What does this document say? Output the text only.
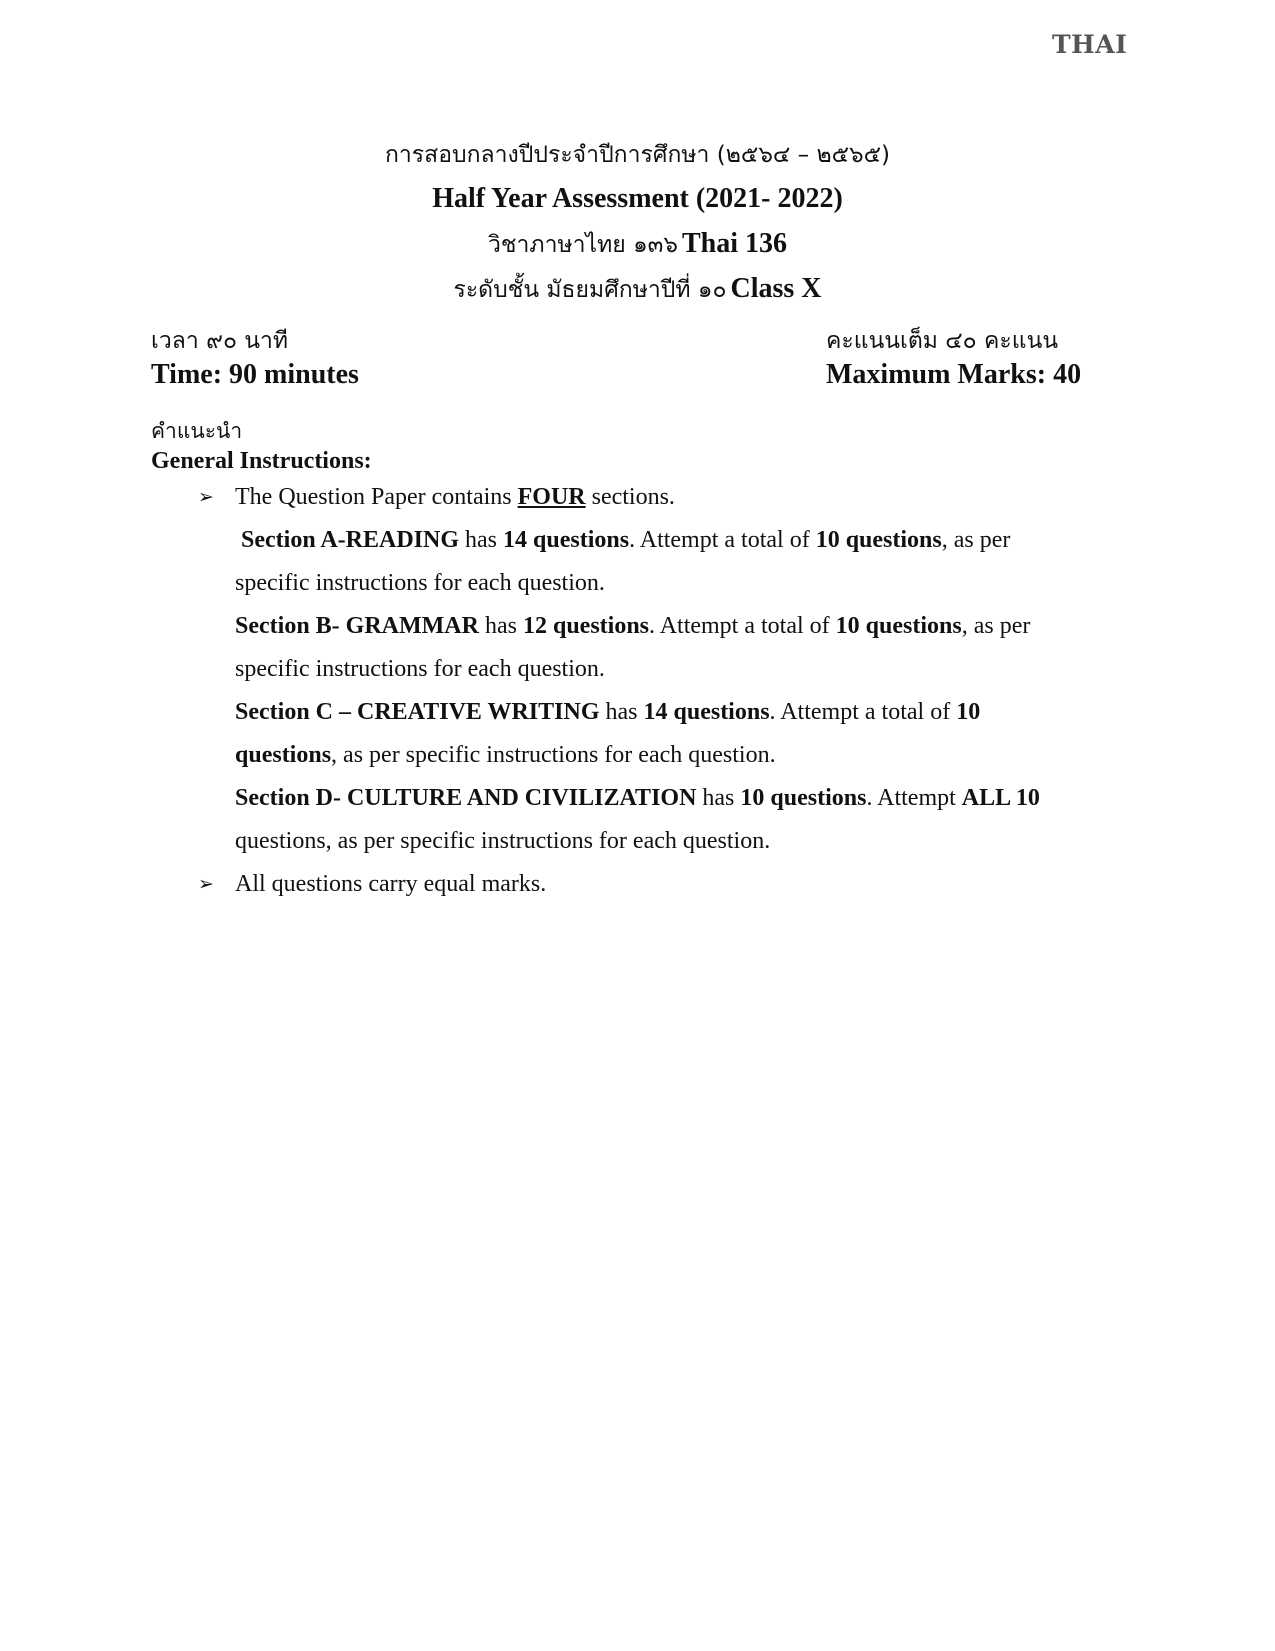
THAI
การสอบกลางปีประจำปีการศึกษา (๒๕๖๔ – ๒๕๖๕)
Half Year Assessment (2021- 2022)
วิชาภาษาไทย ๑๓๖ Thai 136
ระดับชั้น มัธยมศึกษาปีที่ ๑๐ Class X
เวลา ๙๐ นาที
Time: 90 minutes
คะแนนเต็ม ๔๐ คะแนน
Maximum Marks: 40
คำแนะนำ
General Instructions:
➢ The Question Paper contains FOUR sections.
Section A-READING has 14 questions. Attempt a total of 10 questions, as per
specific instructions for each question.
Section B- GRAMMAR has 12 questions. Attempt a total of 10 questions, as per
specific instructions for each question.
Section C – CREATIVE WRITING has 14 questions. Attempt a total of 10
questions, as per specific instructions for each question.
Section D- CULTURE AND CIVILIZATION has 10 questions. Attempt ALL 10
questions, as per specific instructions for each question.
➢ All questions carry equal marks.
